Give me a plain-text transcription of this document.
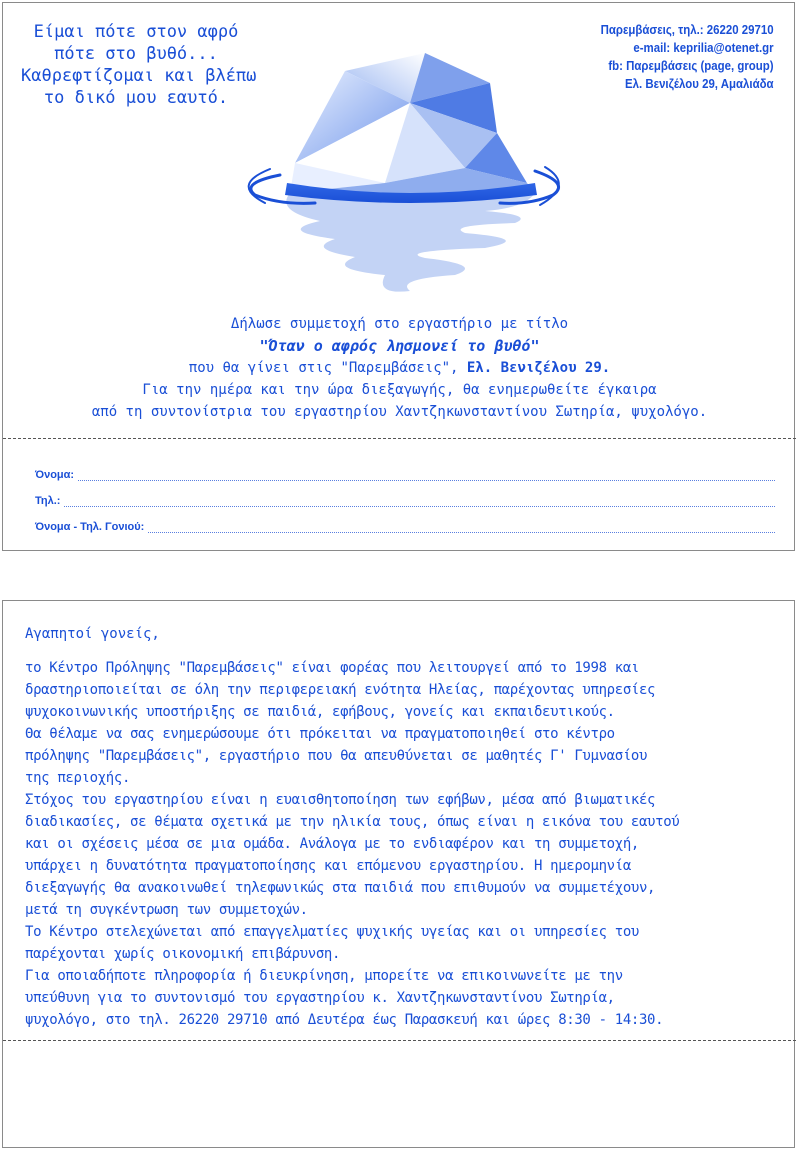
Είμαι πότε στον αφρό
πότε στο βυθό...
Καθρεφτίζομαι και βλέπω
το δικό μου εαυτό.
Παρεμβάσεις, τηλ.: 26220 29710
e-mail: keprilia@otenet.gr
fb: Παρεμβάσεις (page, group)
Ελ. Βενιζέλου 29, Αμαλιάδα
Δήλωσε συμμετοχή στο εργαστήριο με τίτλο
"Όταν ο αφρός λησμονεί το βυθό"
που θα γίνει στις "Παρεμβάσεις", Ελ. Βενιζέλου 29.
Για την ημέρα και την ώρα διεξαγωγής, θα ενημερωθείτε έγκαιρα
από τη συντονίστρια του εργαστηρίου Χαντζηκωνσταντίνου Σωτηρία, ψυχολόγο.
Όνομα:
Τηλ.:
Όνομα - Τηλ. Γονιού:
Αγαπητοί γονείς,

το Κέντρο Πρόληψης "Παρεμβάσεις" είναι φορέας που λειτουργεί από το 1998 και

δραστηριοποιείται σε όλη την περιφερειακή ενότητα Ηλείας, παρέχοντας υπηρεσίες

ψυχοκοινωνικής υποστήριξης σε παιδιά, εφήβους, γονείς και εκπαιδευτικούς.

Θα θέλαμε να σας ενημερώσουμε ότι πρόκειται να πραγματοποιηθεί στο κέντρο

πρόληψης "Παρεμβάσεις", εργαστήριο που θα απευθύνεται σε μαθητές Γ' Γυμνασίου

της περιοχής.

Στόχος του εργαστηρίου είναι η ευαισθητοποίηση των εφήβων, μέσα από βιωματικές

διαδικασίες, σε θέματα σχετικά με την ηλικία τους, όπως είναι η εικόνα του εαυτού

και οι σχέσεις μέσα σε μια ομάδα. Ανάλογα με το ενδιαφέρον και τη συμμετοχή,

υπάρχει η δυνατότητα πραγματοποίησης και επόμενου εργαστηρίου. Η ημερομηνία

διεξαγωγής θα ανακοινωθεί τηλεφωνικώς στα παιδιά που επιθυμούν να συμμετέχουν,

μετά τη συγκέντρωση των συμμετοχών.

Το Κέντρο στελεχώνεται από επαγγελματίες ψυχικής υγείας και οι υπηρεσίες του

παρέχονται χωρίς οικονομική επιβάρυνση.

Για οποιαδήποτε πληροφορία ή διευκρίνηση, μπορείτε να επικοινωνείτε με την

υπεύθυνη για το συντονισμό του εργαστηρίου κ. Χαντζηκωνσταντίνου Σωτηρία,

ψυχολόγο, στο τηλ. 26220 29710 από Δευτέρα έως Παρασκευή και ώρες 8:30 - 14:30.
